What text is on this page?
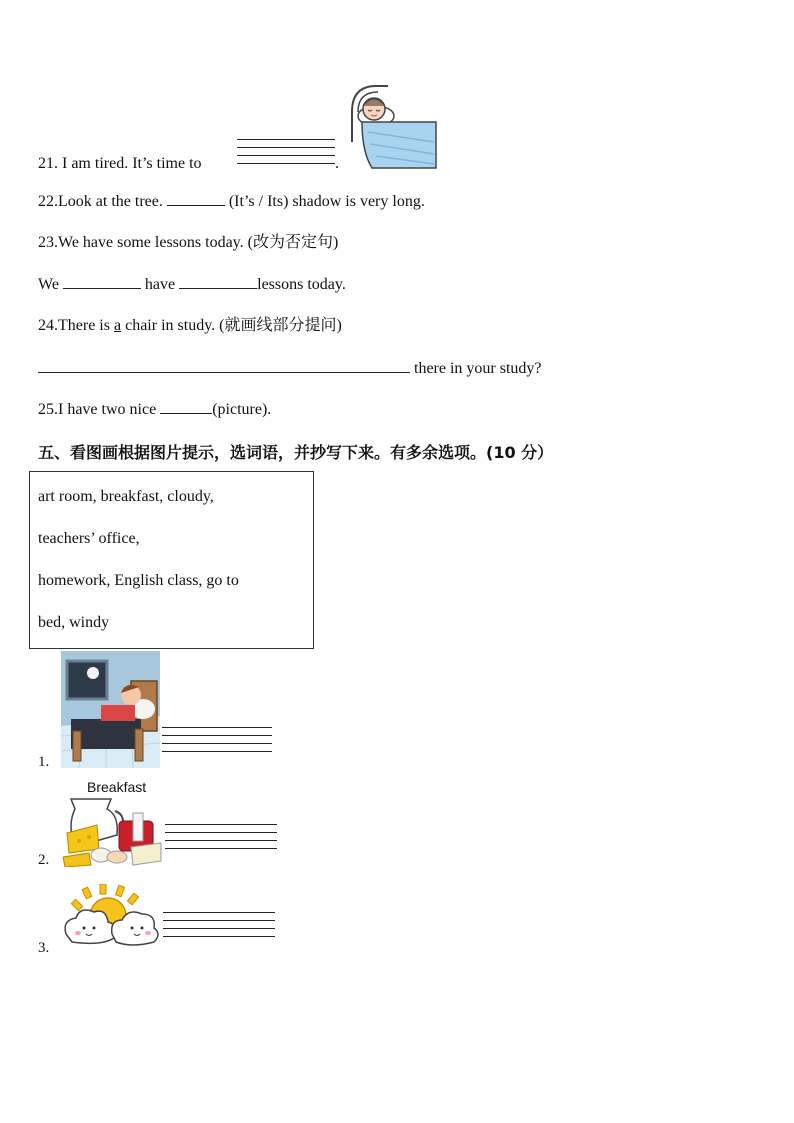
21. I am tired. It’s time to	.
22.Look at the tree.	(It’s / Its) shadow is very long.
23.We have some lessons today. (改为否定句)
We	have	lessons today.
24.There is a chair in study. (就画线部分提问)
there in your study?
25.I have two nice	(picture).
五、看图画根据图片提示，选词语，并抄写下来。有多余选项。(10 分）
art room, breakfast, cloudy,
teachers’ office,
homework, English class, go to
bed, windy
1.
Breakfast
2.
3.
